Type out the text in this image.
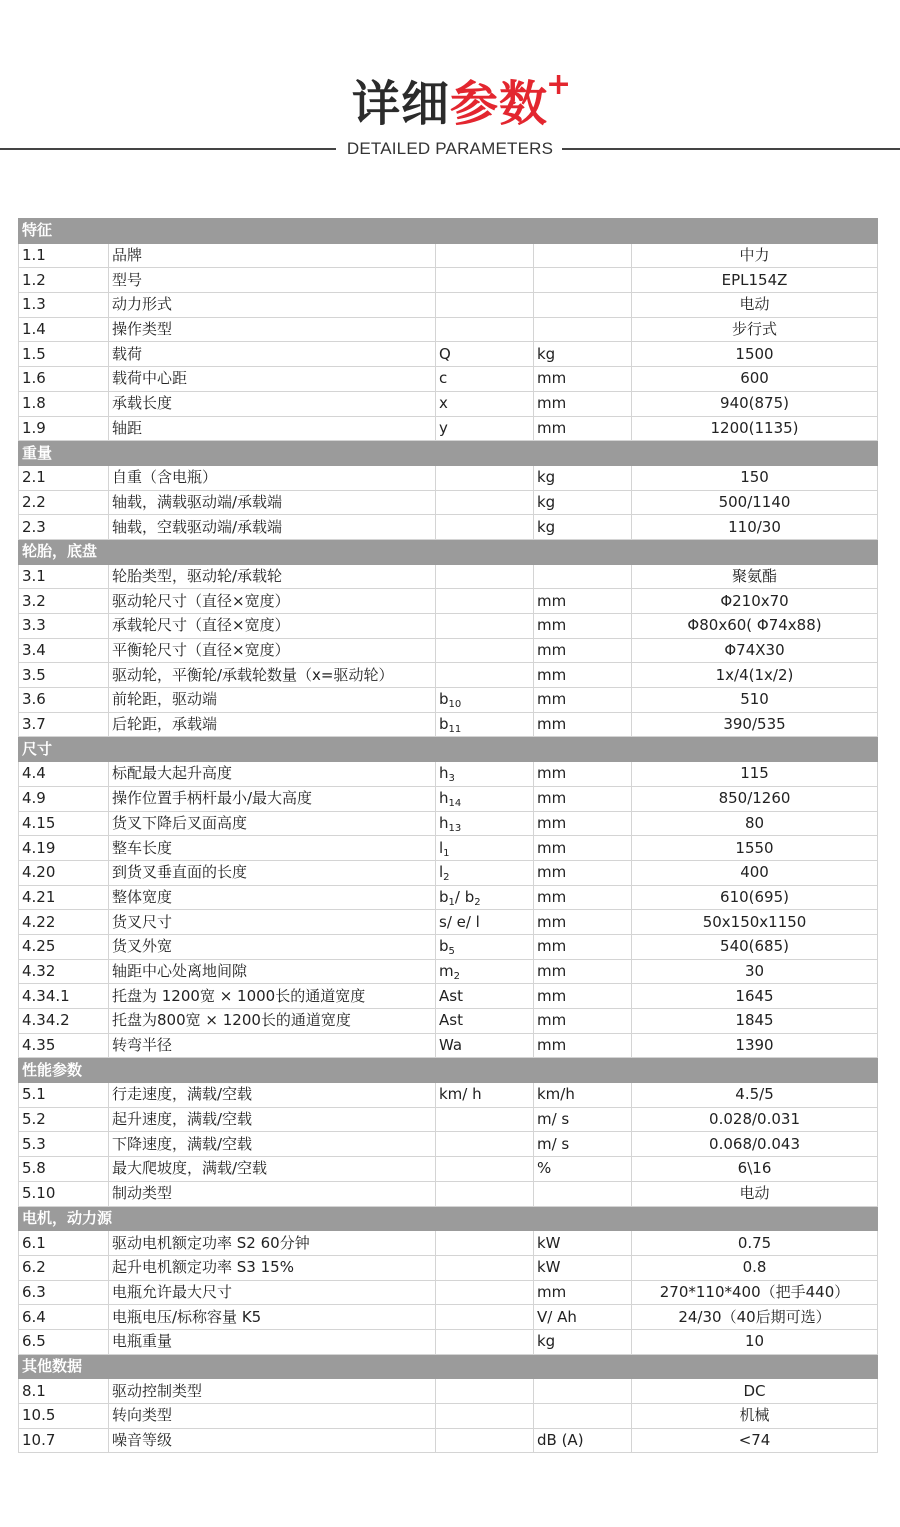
详细参数
+
DETAILED PARAMETERS
特征				
1.1	品牌			中力
1.2	型号			EPL154Z
1.3	动力形式			电动
1.4	操作类型			步行式
1.5	载荷	Q	kg	1500
1.6	载荷中心距	c	mm	600
1.8	承载长度	x	mm	940(875)
1.9	轴距	y	mm	1200(1135)
重量				
2.1	自重（含电瓶）		kg	150
2.2	轴载，满载驱动端/承载端		kg	500/1140
2.3	轴载，空载驱动端/承载端		kg	110/30
轮胎，底盘				
3.1	轮胎类型，驱动轮/承载轮			聚氨酯
3.2	驱动轮尺寸（直径×宽度）		mm	Φ210x70
3.3	承载轮尺寸（直径×宽度）		mm	Φ80x60( Φ74x88)
3.4	平衡轮尺寸（直径×宽度）		mm	Φ74X30
3.5	驱动轮，平衡轮/承载轮数量（x=驱动轮）		mm	1x/4(1x/2)
3.6	前轮距，驱动端	$b_{10}$	mm	510
3.7	后轮距，承载端	$b_{11}$	mm	390/535
尺寸				
4.4	标配最大起升高度	$h_3$	mm	115
4.9	操作位置手柄杆最小/最大高度	$h_{14}$	mm	850/1260
4.15	货叉下降后叉面高度	$h_{13}$	mm	80
4.19	整车长度	$l_1$	mm	1550
4.20	到货叉垂直面的长度	$l_2$	mm	400
4.21	整体宽度	$b_1/$ $b_2$	mm	610(695)
4.22	货叉尺寸	s/ e/ l	mm	50x150x1150
4.25	货叉外宽	$b_5$	mm	540(685)
4.32	轴距中心处离地间隙	$m_2$	mm	30
4.34.1	托盘为 1200宽 × 1000长的通道宽度	Ast	mm	1645
4.34.2	托盘为800宽 × 1200长的通道宽度	Ast	mm	1845
4.35	转弯半径	Wa	mm	1390
性能参数				
5.1	行走速度，满载/空载	km/ h	km/h	4.5/5
5.2	起升速度，满载/空载		m/ s	0.028/0.031
5.3	下降速度，满载/空载		m/ s	0.068/0.043
5.8	最大爬坡度，满载/空载		%	6\16
5.10	制动类型			电动
电机，动力源				
6.1	驱动电机额定功率 S2 60分钟		kW	0.75
6.2	起升电机额定功率 S3 15%		kW	0.8
6.3	电瓶允许最大尺寸		mm	270*110*400（把手440）
6.4	电瓶电压/标称容量 K5		V/ Ah	24/30（40后期可选）
6.5	电瓶重量		kg	10
其他数据				
8.1	驱动控制类型			DC
10.5	转向类型			机械
10.7	噪音等级		dB (A)	<74
